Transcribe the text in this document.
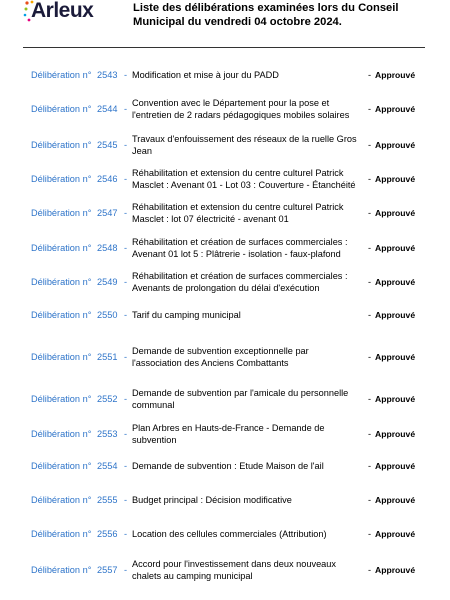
Arleux	Liste des délibérations examinées lors du Conseil Municipal du vendredi 04 octobre 2024.
Délibération n° 2543 - Modification et mise à jour du PADD	- Approuvé
Délibération n° 2544 -
Convention avec le Département pour la pose et l'entretien de 2 radars pédagogiques mobiles solaires
- Approuvé
Délibération n° 2545 -
Travaux d'enfouissement des réseaux de la ruelle Gros Jean
- Approuvé
Délibération n° 2546 -
Réhabilitation et extension du centre culturel Patrick Masclet : Avenant 01 - Lot 03 : Couverture - Étanchéité
- Approuvé
Délibération n° 2547 -
Réhabilitation et extension du centre culturel Patrick Masclet : lot 07 électricité - avenant 01
- Approuvé
Délibération n° 2548 -
Réhabilitation et création de surfaces commerciales : Avenant 01 lot 5 : Plâtrerie - isolation - faux-plafond
- Approuvé
Délibération n° 2549 -
Réhabilitation et création de surfaces commerciales : Avenants de prolongation du délai d'exécution
- Approuvé
Délibération n° 2550 - Tarif du camping municipal	- Approuvé
Délibération n° 2551 -
Demande de subvention exceptionnelle par l'association des Anciens Combattants
- Approuvé
Délibération n° 2552 -
Demande de subvention par l'amicale du personnelle communal
- Approuvé
Délibération n° 2553 -
Plan Arbres en Hauts-de-France - Demande de subvention
- Approuvé
Délibération n° 2554 - Demande de subvention : Etude Maison de l'ail	- Approuvé
Délibération n° 2555 - Budget principal : Décision modificative	- Approuvé
Délibération n° 2556 - Location des cellules commerciales (Attribution)	- Approuvé
Délibération n° 2557 -
Accord pour l'investissement dans deux nouveaux chalets au camping municipal
- Approuvé
